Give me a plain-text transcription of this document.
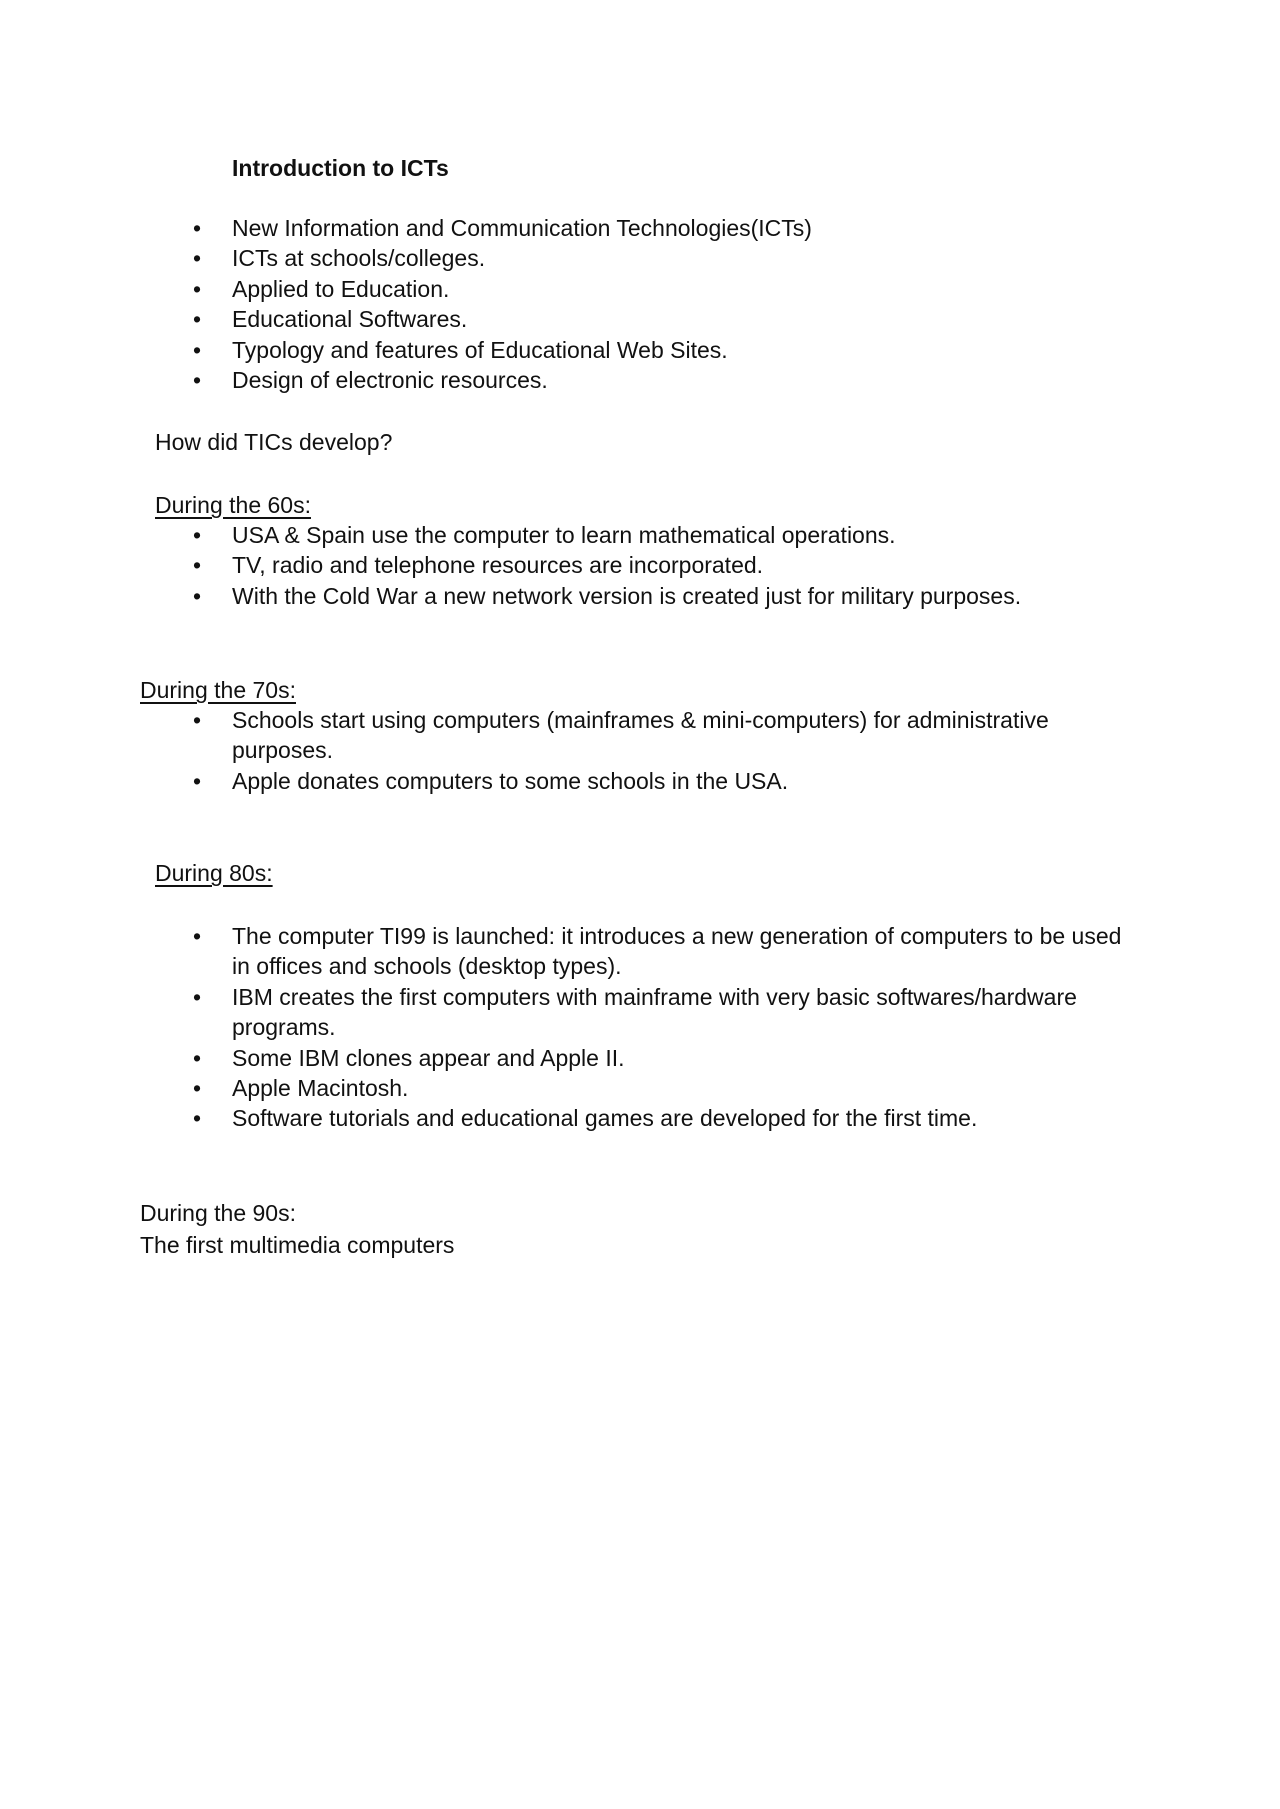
Introduction to ICTs
• New Information and Communication Technologies(ICTs)
• ICTs at schools/colleges.
• Applied to Education.
• Educational Softwares.
• Typology and features of Educational Web Sites.
• Design of electronic resources.
How did TICs develop?
During the 60s:
• USA & Spain use the computer to learn mathematical operations.
• TV, radio and telephone resources are incorporated.
• With the Cold War a new network version is created just for military purposes.
During the 70s:
• Schools start using computers (mainframes & mini-computers) for administrative purposes.
• Apple donates computers to some schools in the USA.
During 80s:
• The computer TI99 is launched: it introduces a new generation of computers to be used in offices and schools (desktop types).
• IBM creates the first computers with mainframe with very basic softwares/hardware programs.
• Some IBM clones appear and Apple II.
• Apple Macintosh.
• Software tutorials and educational games are developed for the first time.
During the 90s:
The first multimedia computers
